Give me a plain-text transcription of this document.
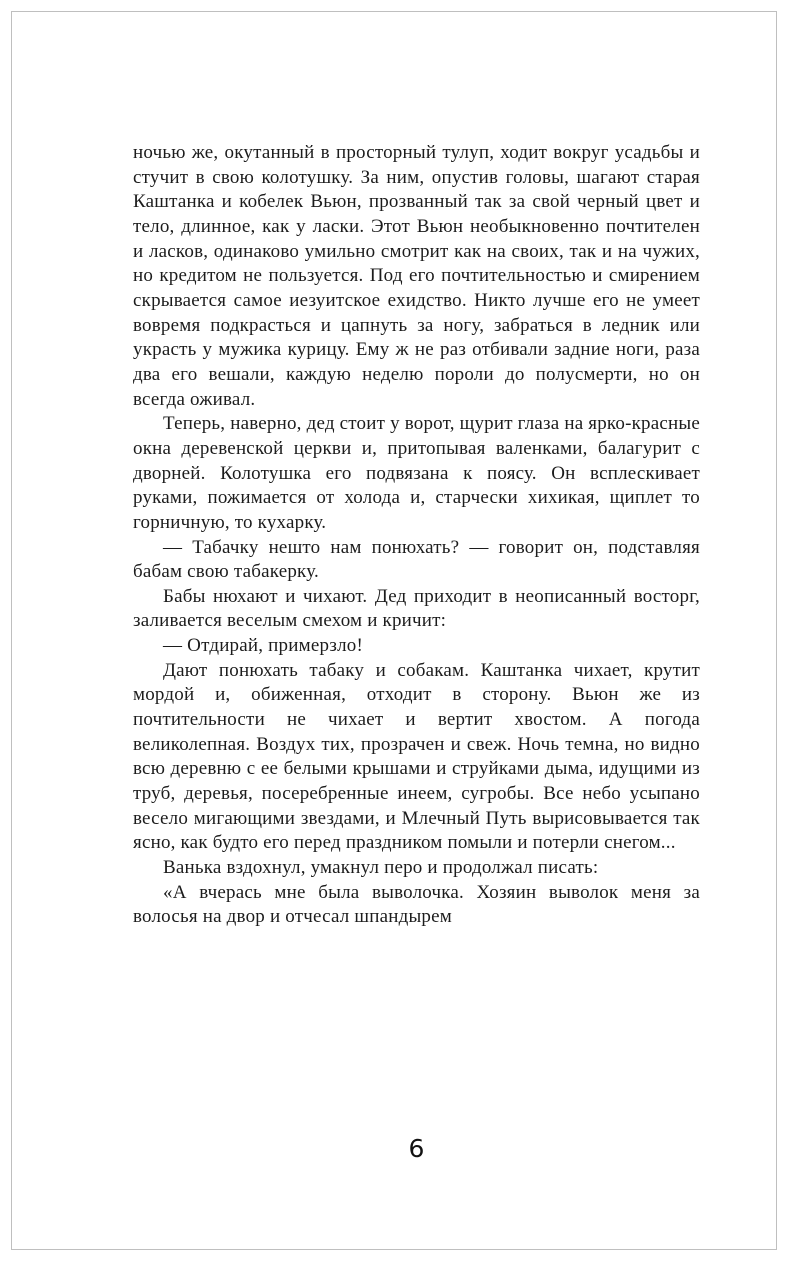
ночью же, окутанный в просторный тулуп, ходит вокруг усадьбы и стучит в свою колотушку. За ним, опустив головы, шагают старая Каштанка и кобелек Вьюн, прозванный так за свой черный цвет и тело, длинное, как у ласки. Этот Вьюн необыкновенно почтителен и ласков, одинаково умильно смотрит как на своих, так и на чужих, но кредитом не пользуется. Под его почтительностью и смирением скрывается самое иезуитское ехидство. Никто лучше его не умеет вовремя подкрасться и цапнуть за ногу, забраться в ледник или украсть у мужика курицу. Ему ж не раз отбивали задние ноги, раза два его вешали, каждую неделю пороли до полусмерти, но он всегда оживал.

Теперь, наверно, дед стоит у ворот, щурит глаза на ярко-красные окна деревенской церкви и, притопывая валенками, балагурит с дворней. Колотушка его подвязана к поясу. Он всплескивает руками, пожимается от холода и, старчески хихикая, щиплет то горничную, то кухарку.

— Табачку нешто нам понюхать? — говорит он, подставляя бабам свою табакерку.

Бабы нюхают и чихают. Дед приходит в неописанный восторг, заливается веселым смехом и кричит:

— Отдирай, примерзло!

Дают понюхать табаку и собакам. Каштанка чихает, крутит мордой и, обиженная, отходит в сторону. Вьюн же из почтительности не чихает и вертит хвостом. А погода великолепная. Воздух тих, прозрачен и свеж. Ночь темна, но видно всю деревню с ее белыми крышами и струйками дыма, идущими из труб, деревья, посеребренные инеем, сугробы. Все небо усыпано весело мигающими звездами, и Млечный Путь вырисовывается так ясно, как будто его перед праздником помыли и потерли снегом...

Ванька вздохнул, умакнул перо и продолжал писать:

«А вчерась мне была выволочка. Хозяин выволок меня за волосья на двор и отчесал шпандырем

6
